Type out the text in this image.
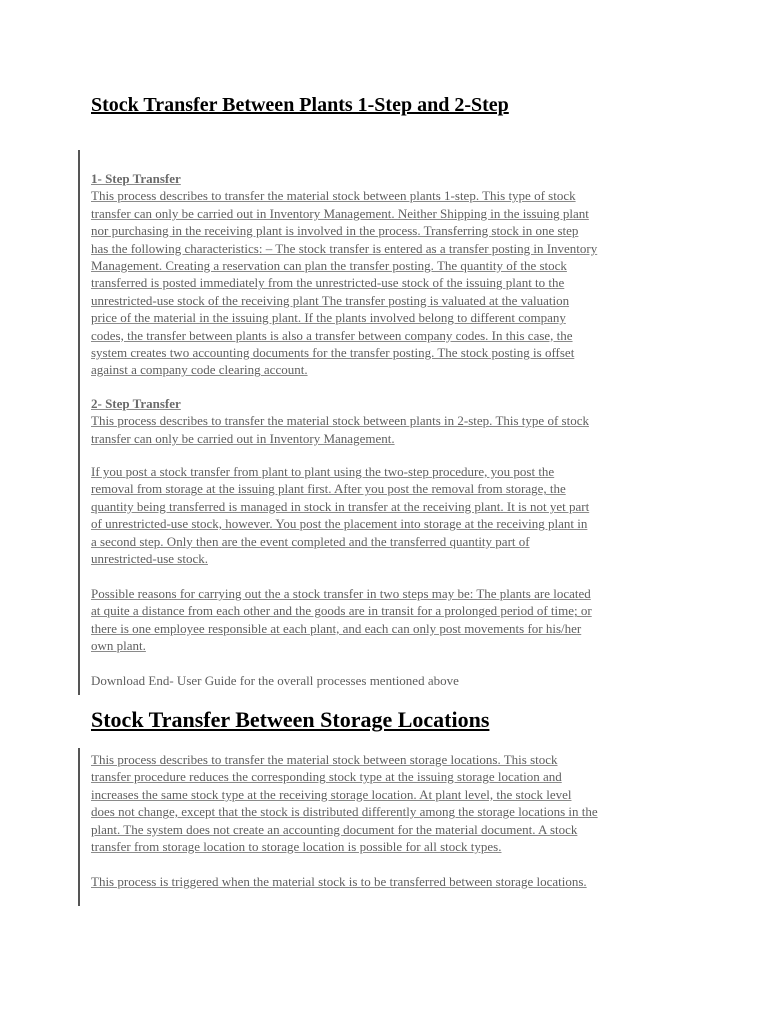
Stock Transfer Between Plants 1-Step and 2-Step

1- Step Transfer

This process describes to transfer the material stock between plants 1-step. This type of stock

transfer can only be carried out in Inventory Management. Neither Shipping in the issuing plant

nor purchasing in the receiving plant is involved in the process. Transferring stock in one step

has the following characteristics: – The stock transfer is entered as a transfer posting in Inventory

Management. Creating a reservation can plan the transfer posting. The quantity of the stock

transferred is posted immediately from the unrestricted-use stock of the issuing plant to the

unrestricted-use stock of the receiving plant The transfer posting is valuated at the valuation

price of the material in the issuing plant. If the plants involved belong to different company

codes, the transfer between plants is also a transfer between company codes. In this case, the

system creates two accounting documents for the transfer posting. The stock posting is offset

against a company code clearing account.

2- Step Transfer

This process describes to transfer the material stock between plants in 2-step. This type of stock

transfer can only be carried out in Inventory Management.

If you post a stock transfer from plant to plant using the two-step procedure, you post the

removal from storage at the issuing plant first. After you post the removal from storage, the

quantity being transferred is managed in stock in transfer at the receiving plant. It is not yet part

of unrestricted-use stock, however. You post the placement into storage at the receiving plant in

a second step. Only then are the event completed and the transferred quantity part of

unrestricted-use stock.

Possible reasons for carrying out the a stock transfer in two steps may be: The plants are located

at quite a distance from each other and the goods are in transit for a prolonged period of time; or

there is one employee responsible at each plant, and each can only post movements for his/her

own plant.

Download End- User Guide for the overall processes mentioned above

Stock Transfer Between Storage Locations

This process describes to transfer the material stock between storage locations. This stock

transfer procedure reduces the corresponding stock type at the issuing storage location and

increases the same stock type at the receiving storage location. At plant level, the stock level

does not change, except that the stock is distributed differently among the storage locations in the

plant. The system does not create an accounting document for the material document. A stock

transfer from storage location to storage location is possible for all stock types.

This process is triggered when the material stock is to be transferred between storage locations.
